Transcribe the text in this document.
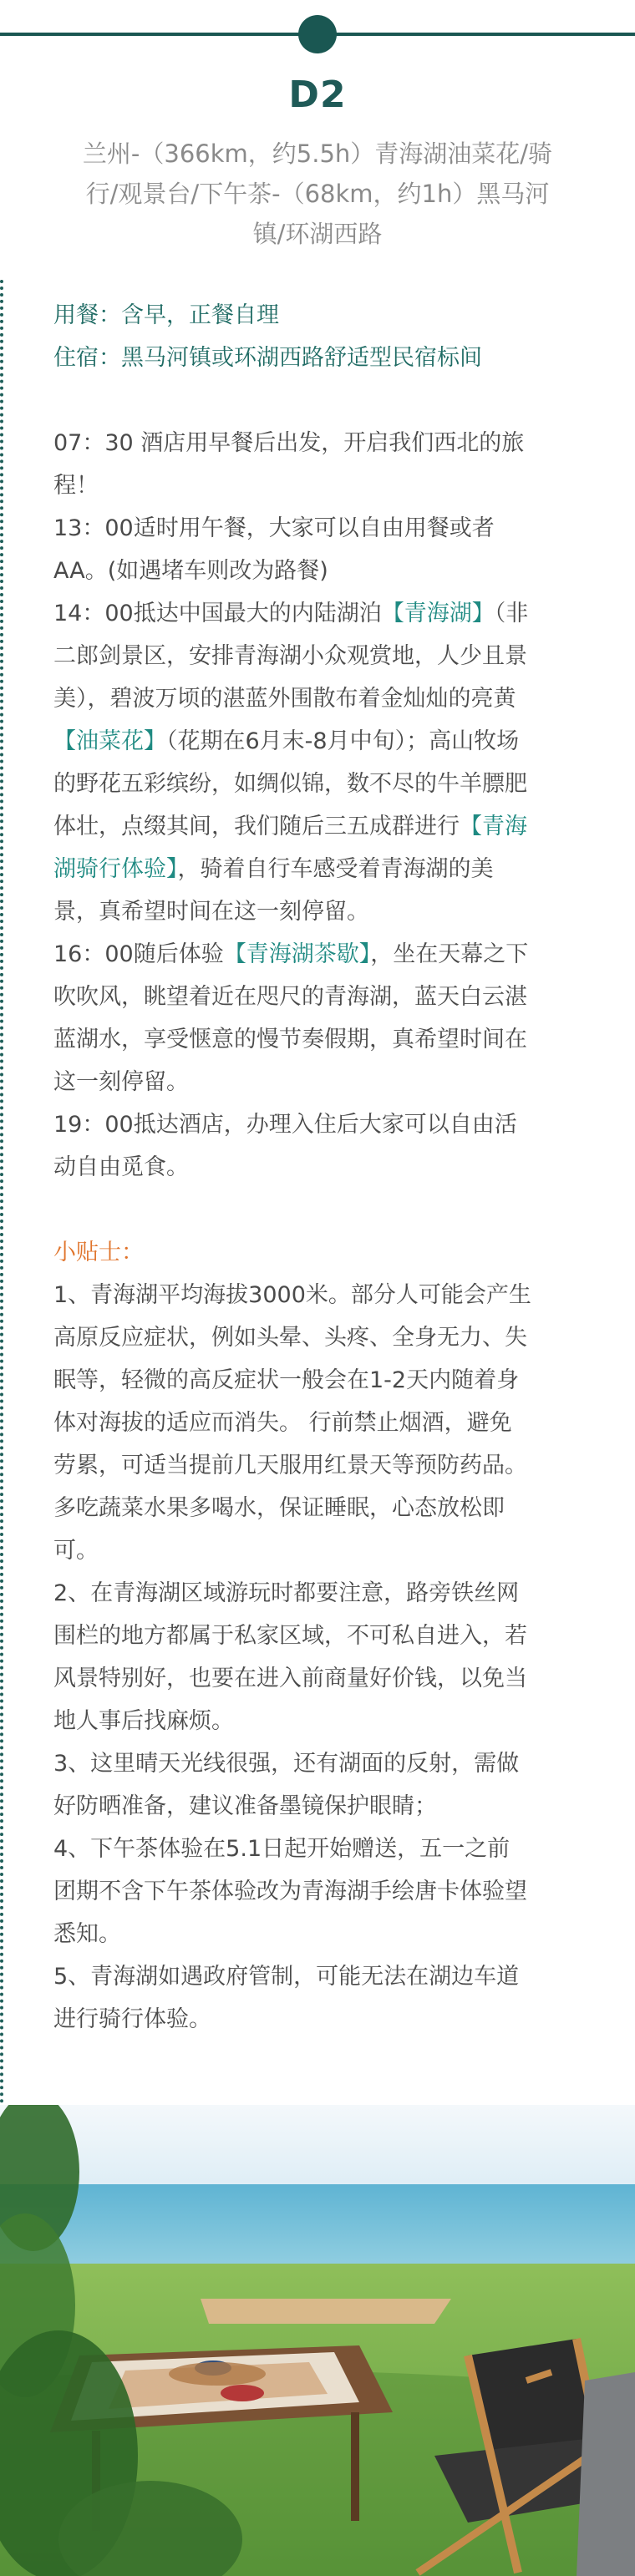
D2
兰州-（366km，约5.5h）青海湖油菜花/骑
行/观景台/下午茶-（68km，约1h）黑马河
镇/环湖西路
用餐：含早，正餐自理
住宿：黑马河镇或环湖西路舒适型民宿标间
07：30 酒店用早餐后出发，开启我们西北的旅
程！
13：00适时用午餐，大家可以自由用餐或者
AA。(如遇堵车则改为路餐)
14：00抵达中国最大的内陆湖泊【青海湖】（非
二郎剑景区，安排青海湖小众观赏地，人少且景
美），碧波万顷的湛蓝外围散布着金灿灿的亮黄
【油菜花】（花期在6月末-8月中旬）；高山牧场
的野花五彩缤纷，如绸似锦，数不尽的牛羊膘肥
体壮，点缀其间，我们随后三五成群进行【青海
湖骑行体验】，骑着自行车感受着青海湖的美
景，真希望时间在这一刻停留。
16：00随后体验【青海湖茶歇】，坐在天幕之下
吹吹风，眺望着近在咫尺的青海湖，蓝天白云湛
蓝湖水，享受惬意的慢节奏假期，真希望时间在
这一刻停留。
19：00抵达酒店，办理入住后大家可以自由活
动自由觅食。
小贴士：
1、青海湖平均海拔3000米。部分人可能会产生
高原反应症状，例如头晕、头疼、全身无力、失
眠等，轻微的高反症状一般会在1-2天内随着身
体对海拔的适应而消失。 行前禁止烟酒，避免
劳累，可适当提前几天服用红景天等预防药品。
多吃蔬菜水果多喝水，保证睡眠，心态放松即
可。
2、在青海湖区域游玩时都要注意，路旁铁丝网
围栏的地方都属于私家区域，不可私自进入，若
风景特别好，也要在进入前商量好价钱，以免当
地人事后找麻烦。
3、这里晴天光线很强，还有湖面的反射，需做
好防晒准备，建议准备墨镜保护眼睛；
4、下午茶体验在5.1日起开始赠送，五一之前
团期不含下午茶体验改为青海湖手绘唐卡体验望
悉知。
5、青海湖如遇政府管制，可能无法在湖边车道
进行骑行体验。
